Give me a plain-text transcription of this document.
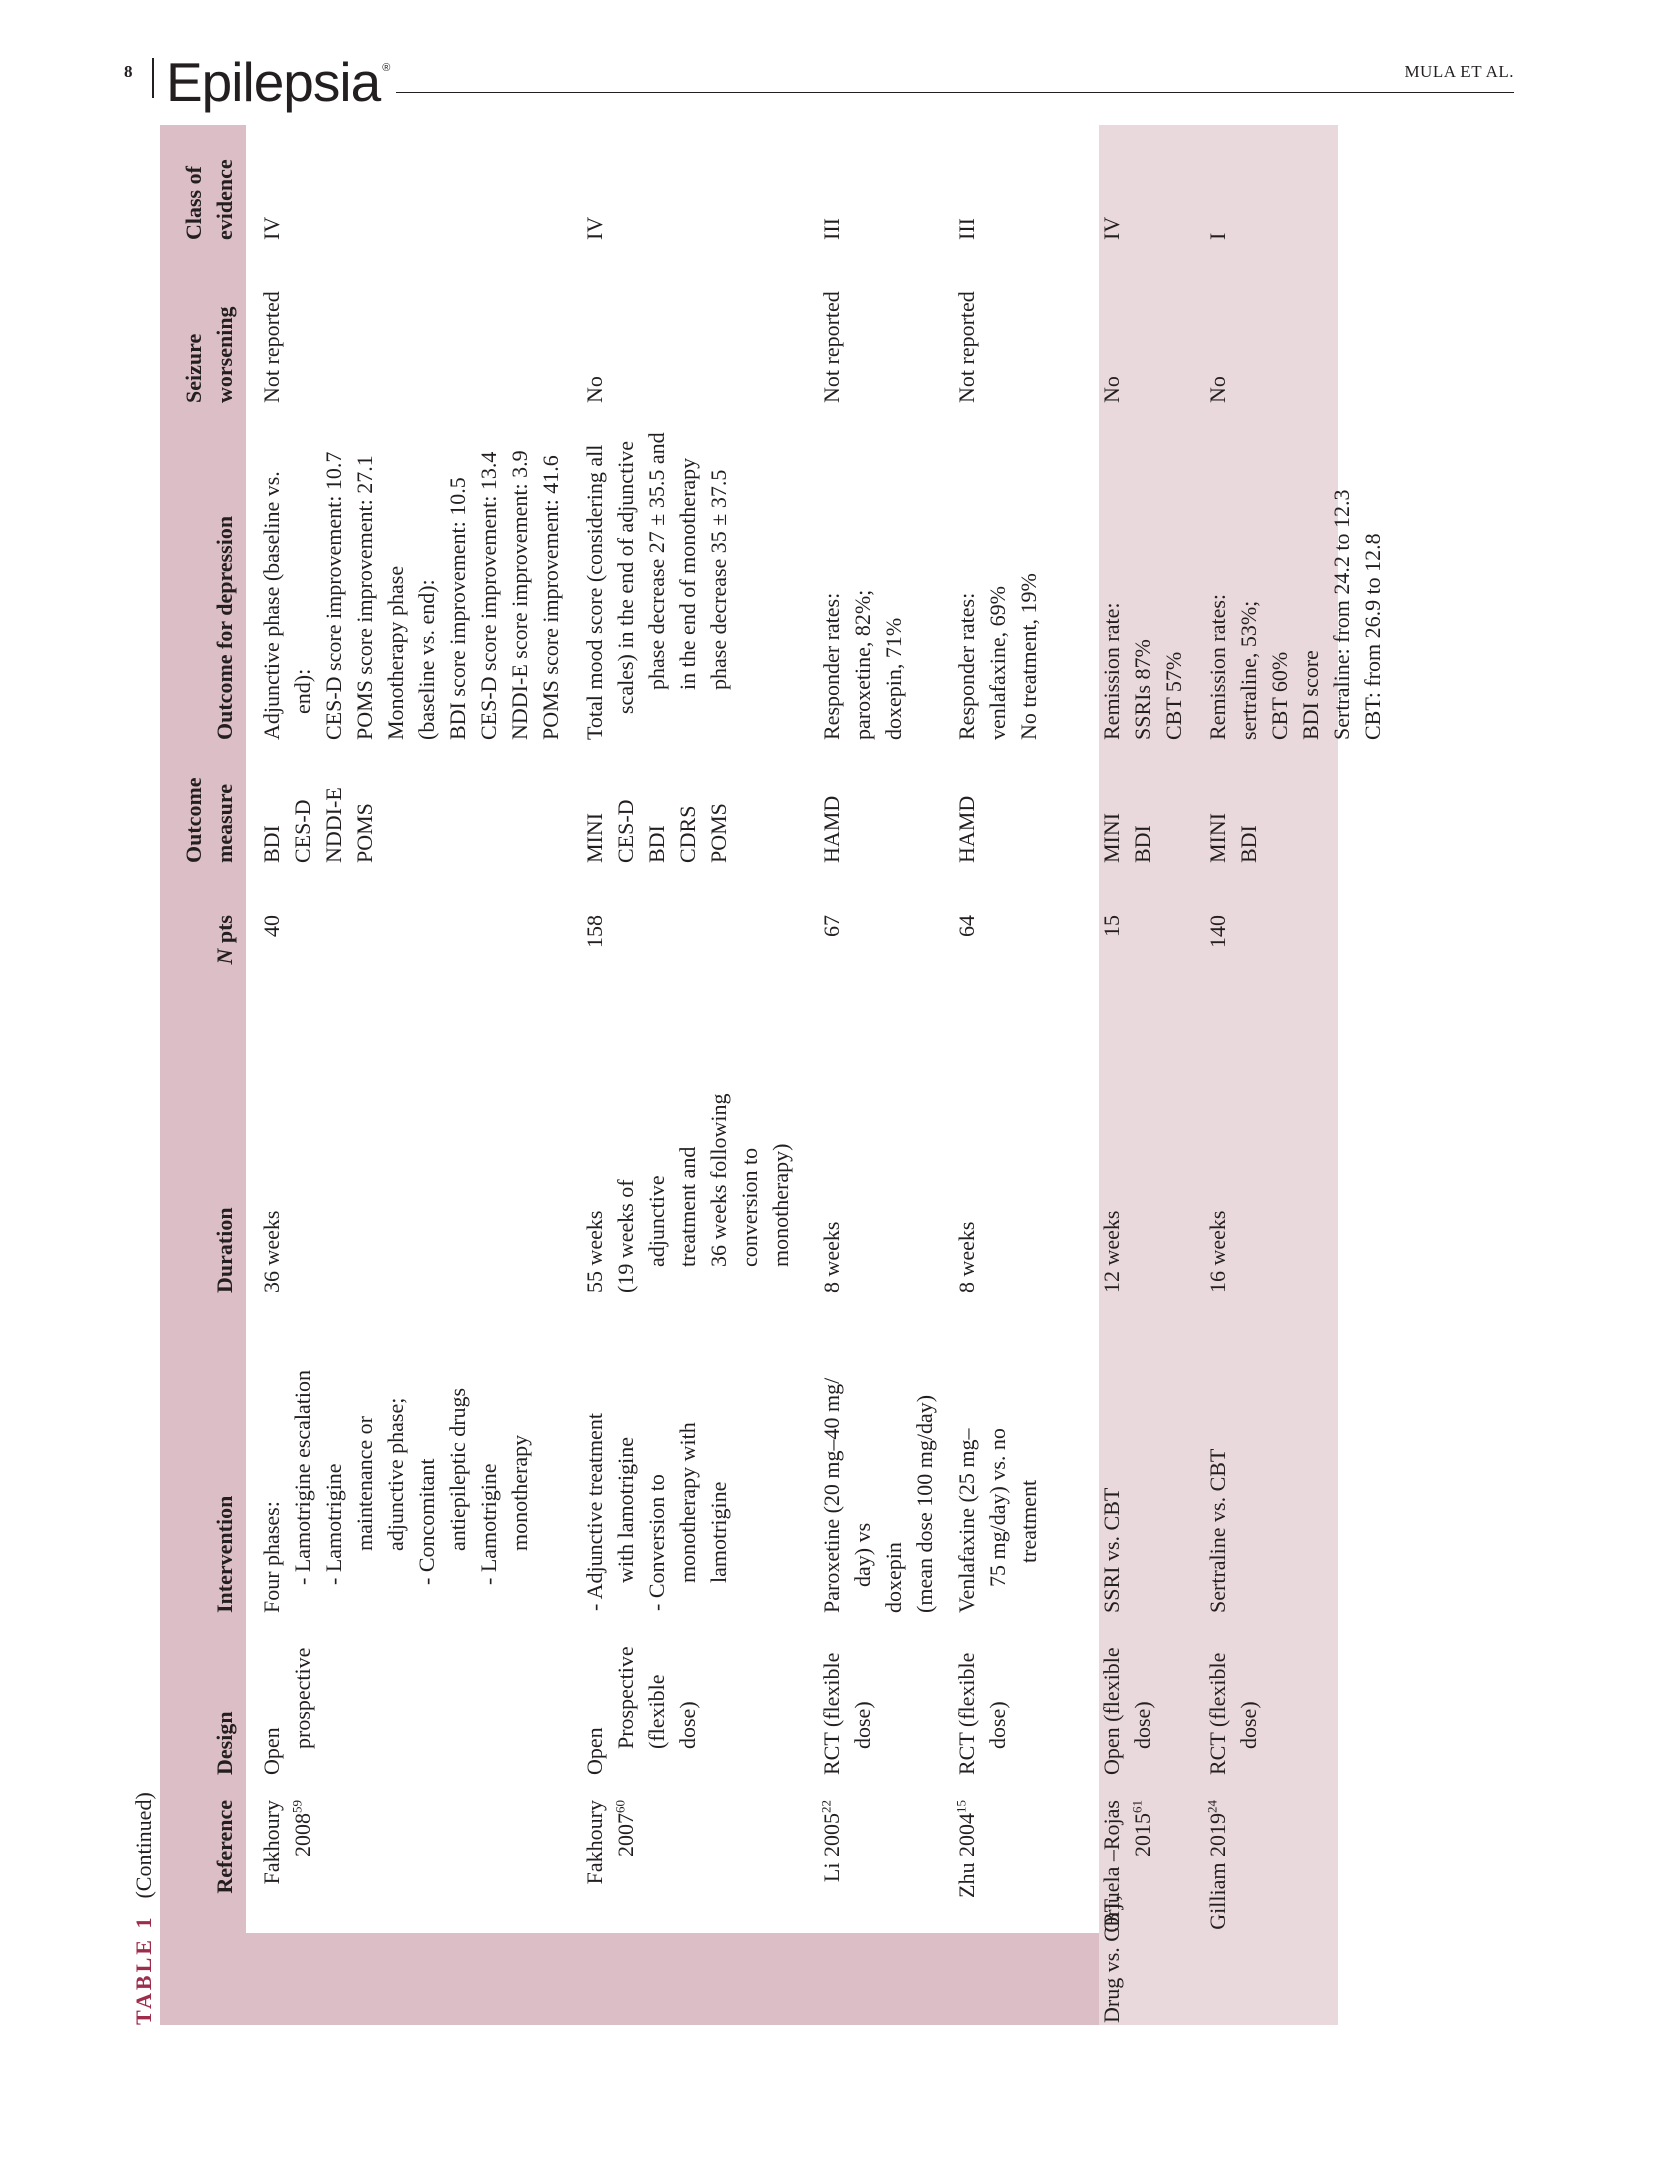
8 Epilepsia ®	MULA ET AL.
TABLE 1
(Continued)	Reference
Design
Intervention
Duration
N pts
Outcome measure
Outcome for depression
Seizure worsening
Class of evidence
Fakhoury 2008$^{59}$
Open
prospective
Four phases: - Lamotrigine escalation - Lamotrigine maintenance or adjunctive phase; - Concomitant antiepileptic drugs - Lamotrigine monotherapy
36 weeks
40
BDI CES-D NDDI-E POMS
Adjunctive phase (baseline vs. end): CES-D score improvement: 10.7 POMS score improvement: 27.1 Monotherapy phase (baseline vs. end): BDI score improvement: 10.5 CES-D score improvement: 13.4 NDDI-E score improvement: 3.9 POMS score improvement: 41.6
Not reported
IV
Fakhoury 2007$^{60}$
Open
Prospective (flexible dose)
- Adjunctive treatment with lamotrigine - Conversion to monotherapy with lamotrigine
55 weeks (19 weeks of adjunctive treatment and 36 weeks following conversion to monotherapy)
158
MINI CES-D BDI CDRS POMS
Total mood score (considering all scales) in the end of adjunctive phase decrease 27 ± 35.5 and in the end of monotherapy phase decrease 35 ± 37.5
No
IV
Li 2005$^{22}$
RCT (flexible dose)
Paroxetine (20 mg–40 mg/ day) vs doxepin (mean dose 100 mg/day)
8 weeks
67
HAMD
Responder rates: paroxetine, 82%; doxepin, 71%
Not reported
III
Zhu 2004$^{15}$
RCT (flexible dose)
Venlafaxine (25 mg– 75 mg/day) vs. no treatment
8 weeks
64
HAMD
Responder rates: venlafaxine, 69% No treatment, 19%
Not reported
III
Drug vs. CBT,
Orjuela –Rojas 2015$^{61}$
Open (flexible dose)
SSRI vs. CBT
12 weeks
15
MINI BDI
Remission rate: SSRIs 87% CBT 57%
No
IV
Gilliam 2019$^{24}$
RCT (flexible dose)
Sertraline vs. CBT
16 weeks
140
MINI BDI
Remission rates: sertraline, 53%; CBT 60% BDI score Sertraline: from 24.2 to 12.3 CBT: from 26.9 to 12.8
No
I
